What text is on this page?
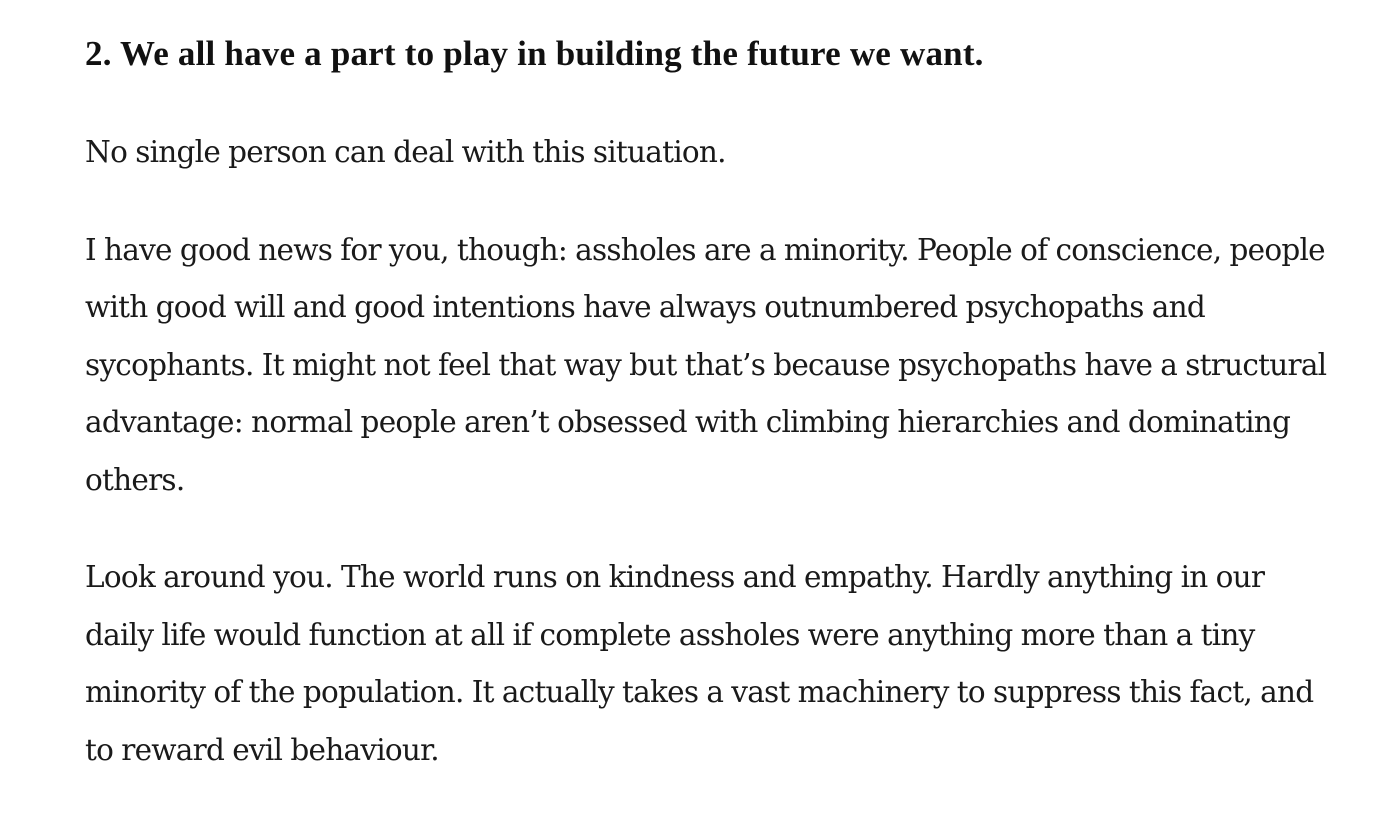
2. We all have a part to play in building the future we want.

No single person can deal with this situation.

I have good news for you, though: assholes are a minority. People of conscience, people with good will and good intentions have always outnumbered psychopaths and sycophants. It might not feel that way but that’s because psychopaths have a structural advantage: normal people aren’t obsessed with climbing hierarchies and dominating others.

Look around you. The world runs on kindness and empathy. Hardly anything in our daily life would function at all if complete assholes were anything more than a tiny minority of the population. It actually takes a vast machinery to suppress this fact, and to reward evil behaviour.
